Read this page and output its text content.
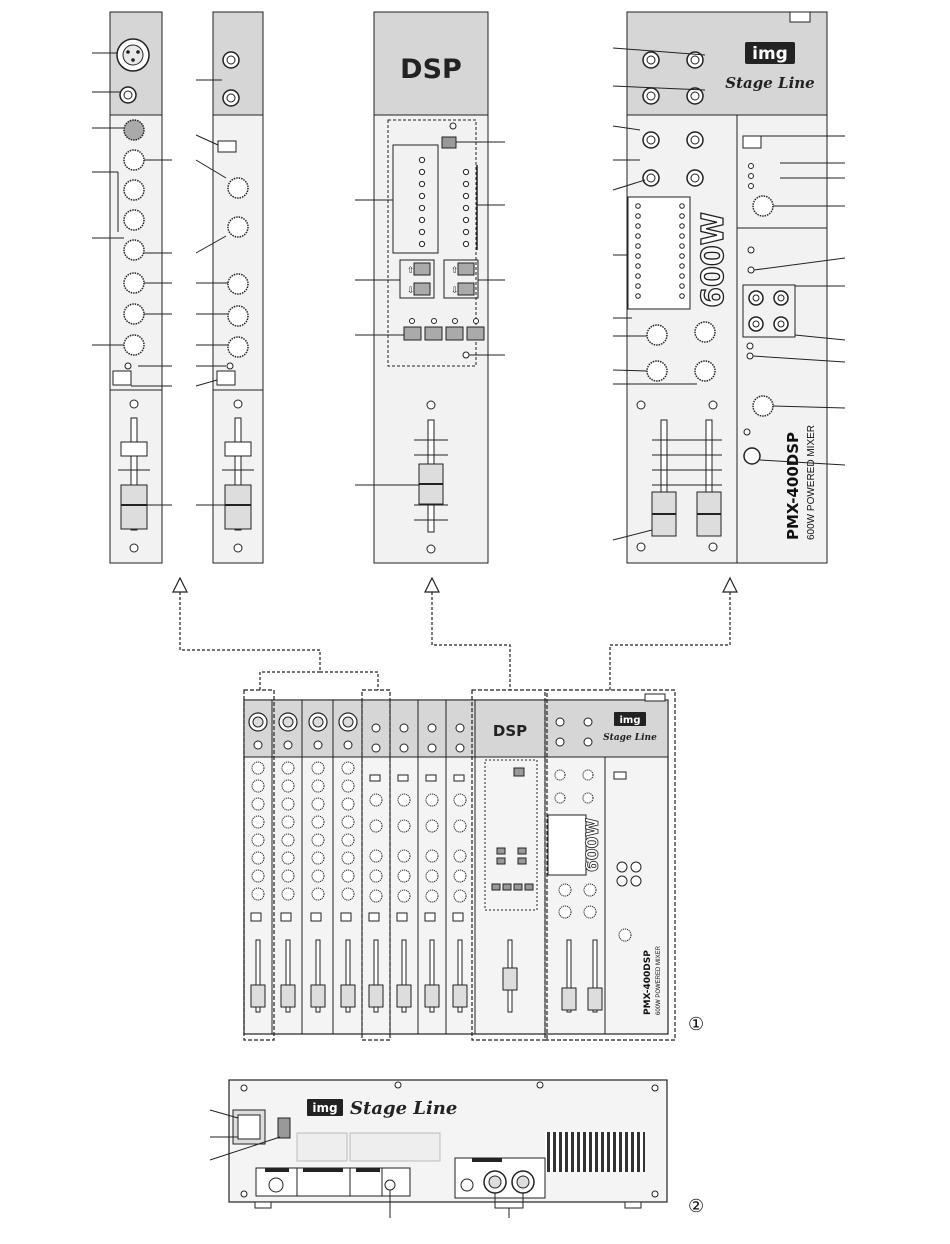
DSP
⇧
⇩
⇧
⇩
img
Stage Line
600W
PMX-400DSP 600W POWERED MIXER
DSP
img
Stage Line
600W
PMX-400DSP 600W POWERED MIXER
①
img Stage Line
②
